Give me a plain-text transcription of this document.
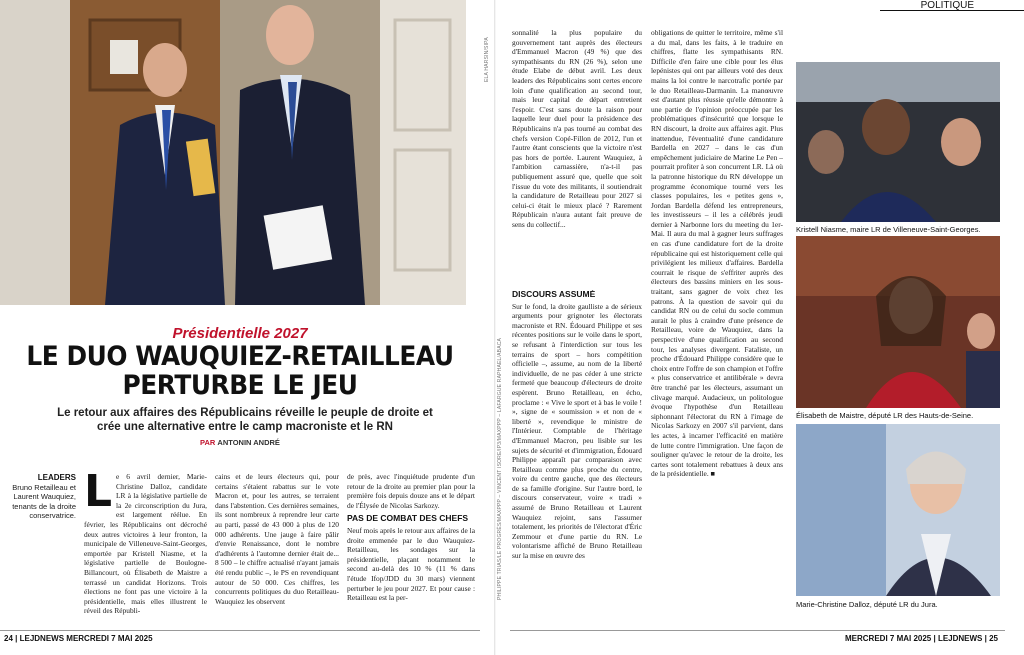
ELA HARSIN/SIPA
Présidentielle 2027
LE DUO WAUQUIEZ-RETAILLEAU
PERTURBE LE JEU
Le retour aux affaires des Républicains réveille le peuple de droite et crée une alternative entre le camp macroniste et le RN
PAR ANTONIN ANDRÉ
LEADERS
Bruno Retailleau et Laurent Wauquiez, tenants de la droite conservatrice. L e 6 avril dernier, Marie-Christine Dalloz, candidate LR à la législative partielle de la 2e circonscription du Jura, est largement réélue. En février, les Républicains ont décroché deux autres victoires à leur fronton, la municipale de Villeneuve-Saint-Georges, emportée par Kristell Niasme, et la législative partielle de Boulogne-Billancourt, où Élisabeth de Maistre a terrassé un candidat Horizons. Trois élections ne font pas une victoire à la présidentielle, mais elles illustrent le réveil des Républi-
cains et de leurs électeurs qui, pour certains s'étaient rabattus sur le vote Macron et, pour les autres, se terraient dans l'abstention. Ces dernières semaines, ils sont nombreux à reprendre leur carte au parti, passé de 43 000 à plus de 120 000 adhérents. Une jauge à faire pâlir d'envie Renaissance, dont le nombre d'adhérents à l'automne dernier était de... 8 500 – le chiffre actualisé n'ayant jamais été rendu public –, le PS en revendiquant autour de 50 000. Ces chiffres, les concurrents politiques du duo Retailleau-Wauquiez les observent
de près, avec l'inquiétude prudente d'un retour de la droite au premier plan pour la première fois depuis douze ans et le départ de l'Élysée de Nicolas Sarkozy.
PAS DE COMBAT DES CHEFS
Neuf mois après le retour aux affaires de la droite emmenée par le duo Wauquiez-Retailleau, les sondages sur la présidentielle, plaçant notamment le second au-delà des 10 % (11 % dans l'étude Ifop/JDD du 30 mars) viennent perturber le jeu pour 2027. Et pour cause : Retailleau est la per-
24 | LEJDNEWS MERCREDI 7 MAI 2025
POLITIQUE
sonnalité la plus populaire du gouvernement tant auprès des électeurs d'Emmanuel Macron (49 %) que des sympathisants du RN (26 %), selon une étude Elabe de début avril. Les deux leaders des Républicains sont certes encore loin d'une qualification au second tour, mais leur capital de départ entretient l'espoir. C'est sans doute la raison pour laquelle leur duel pour la présidence des Républicains n'a pas tourné au combat des chefs version Copé-Fillon de 2012, l'un et l'autre étant conscients que la victoire n'est pas hors de portée. Laurent Wauquiez, à l'ambition carnassière, n'a-t-il pas publiquement assuré que, quelle que soit l'issue du vote des militants, il soutiendrait la candidature de Retailleau pour 2027 si celui-ci était le mieux placé ? Rarement Républicain n'aura autant fait preuve de sens du collectif...
DISCOURS ASSUMÉ
Sur le fond, la droite gaulliste a de sérieux arguments pour grignoter les électorats macroniste et RN. Édouard Philippe et ses récentes positions sur le voile dans le sport, se refusant à l'interdiction sur tous les terrains de sport – hors compétition officielle –, assume, au nom de la liberté individuelle, de ne pas céder à une stricte fermeté que beaucoup d'électeurs de droite espèrent. Bruno Retailleau, en écho, proclame : « Vive le sport et à bas le voile ! », signe de « soumission » et non de « liberté », revendique le ministre de l'Intérieur. Comptable de l'héritage d'Emmanuel Macron, peu lisible sur les sujets de sécurité et d'immigration, Édouard Philippe apparaît par comparaison avec Retailleau comme plus proche du centre, voire du centre gauche, que des électeurs de sa famille d'origine. Sur l'autre bord, le discours conservateur, voire « tradi » assumé de Bruno Retailleau et Laurent Wauquiez rejoint, sans l'assumer totalement, les priorités de l'électorat d'Éric Zemmour et d'une partie du RN. Le volontarisme affiché de Bruno Retailleau sur la mise en œuvre des
obligations de quitter le territoire, même s'il a du mal, dans les faits, à le traduire en chiffres, flatte les sympathisants RN. Difficile d'en faire une cible pour les élus lepénistes qui ont par ailleurs voté des deux mains la loi contre le narcotrafic portée par le duo Retailleau-Darmanin. La manœuvre est d'autant plus réussie qu'elle démontre à une partie de l'opinion préoccupée par les problématiques d'insécurité que lorsque le RN discourt, la droite aux affaires agit. Plus inattendue, l'éventualité d'une candidature Bardella en 2027 – dans le cas d'un empêchement judiciaire de Marine Le Pen – pourrait profiter à son concurrent LR. Là où la patronne historique du RN développe un programme économique tourné vers les classes populaires, les « petites gens », Jordan Bardella défend les entrepreneurs, les investisseurs – il les a célébrés jeudi dernier à Narbonne lors du meeting du 1er-Mai. Il aura du mal à gagner leurs suffrages en cas d'une candidature fort de la droite républicaine qui est historiquement celle qui privilégient les milieux d'affaires. Bardella courrait le risque de s'effriter auprès des électeurs des bassins miniers en les sous-traitant, sans gagner de voix chez les patrons. À la question de savoir qui du candidat RN ou de celui du socle commun aurait le plus à craindre d'une présence de Retailleau, voire de Wauquiez, dans la perspective d'une qualification au second tour, les analyses divergent. Fataliste, un proche d'Édouard Philippe considère que le choix entre l'offre de son champion et l'offre « plus conservatrice et antilibérale » devra être tranché par les électeurs, assumant un clivage marqué. Audacieux, un politologue évoque l'hypothèse d'un Retailleau siphonnant l'électorat du RN à l'image de Nicolas Sarkozy en 2007 s'il parvient, dans les actes, à incarner l'efficacité en matière de lutte contre l'immigration. Une façon de souligner qu'avec le retour de la droite, les cartes sont totalement rebattues à deux ans de la présidentielle. ■
PHILIPPE TRIAS/LE PROGRÈS/MAXPPP – VINCENT ISORE/IP3/MAXPPP – LAFARGUE RAPHAEL/ABACA
Kristell Niasme, maire LR de Villeneuve-Saint-Georges.
Élisabeth de Maistre, député LR des Hauts-de-Seine.
Marie-Christine Dalloz, député LR du Jura.
MERCREDI 7 MAI 2025 | LEJDNEWS | 25
